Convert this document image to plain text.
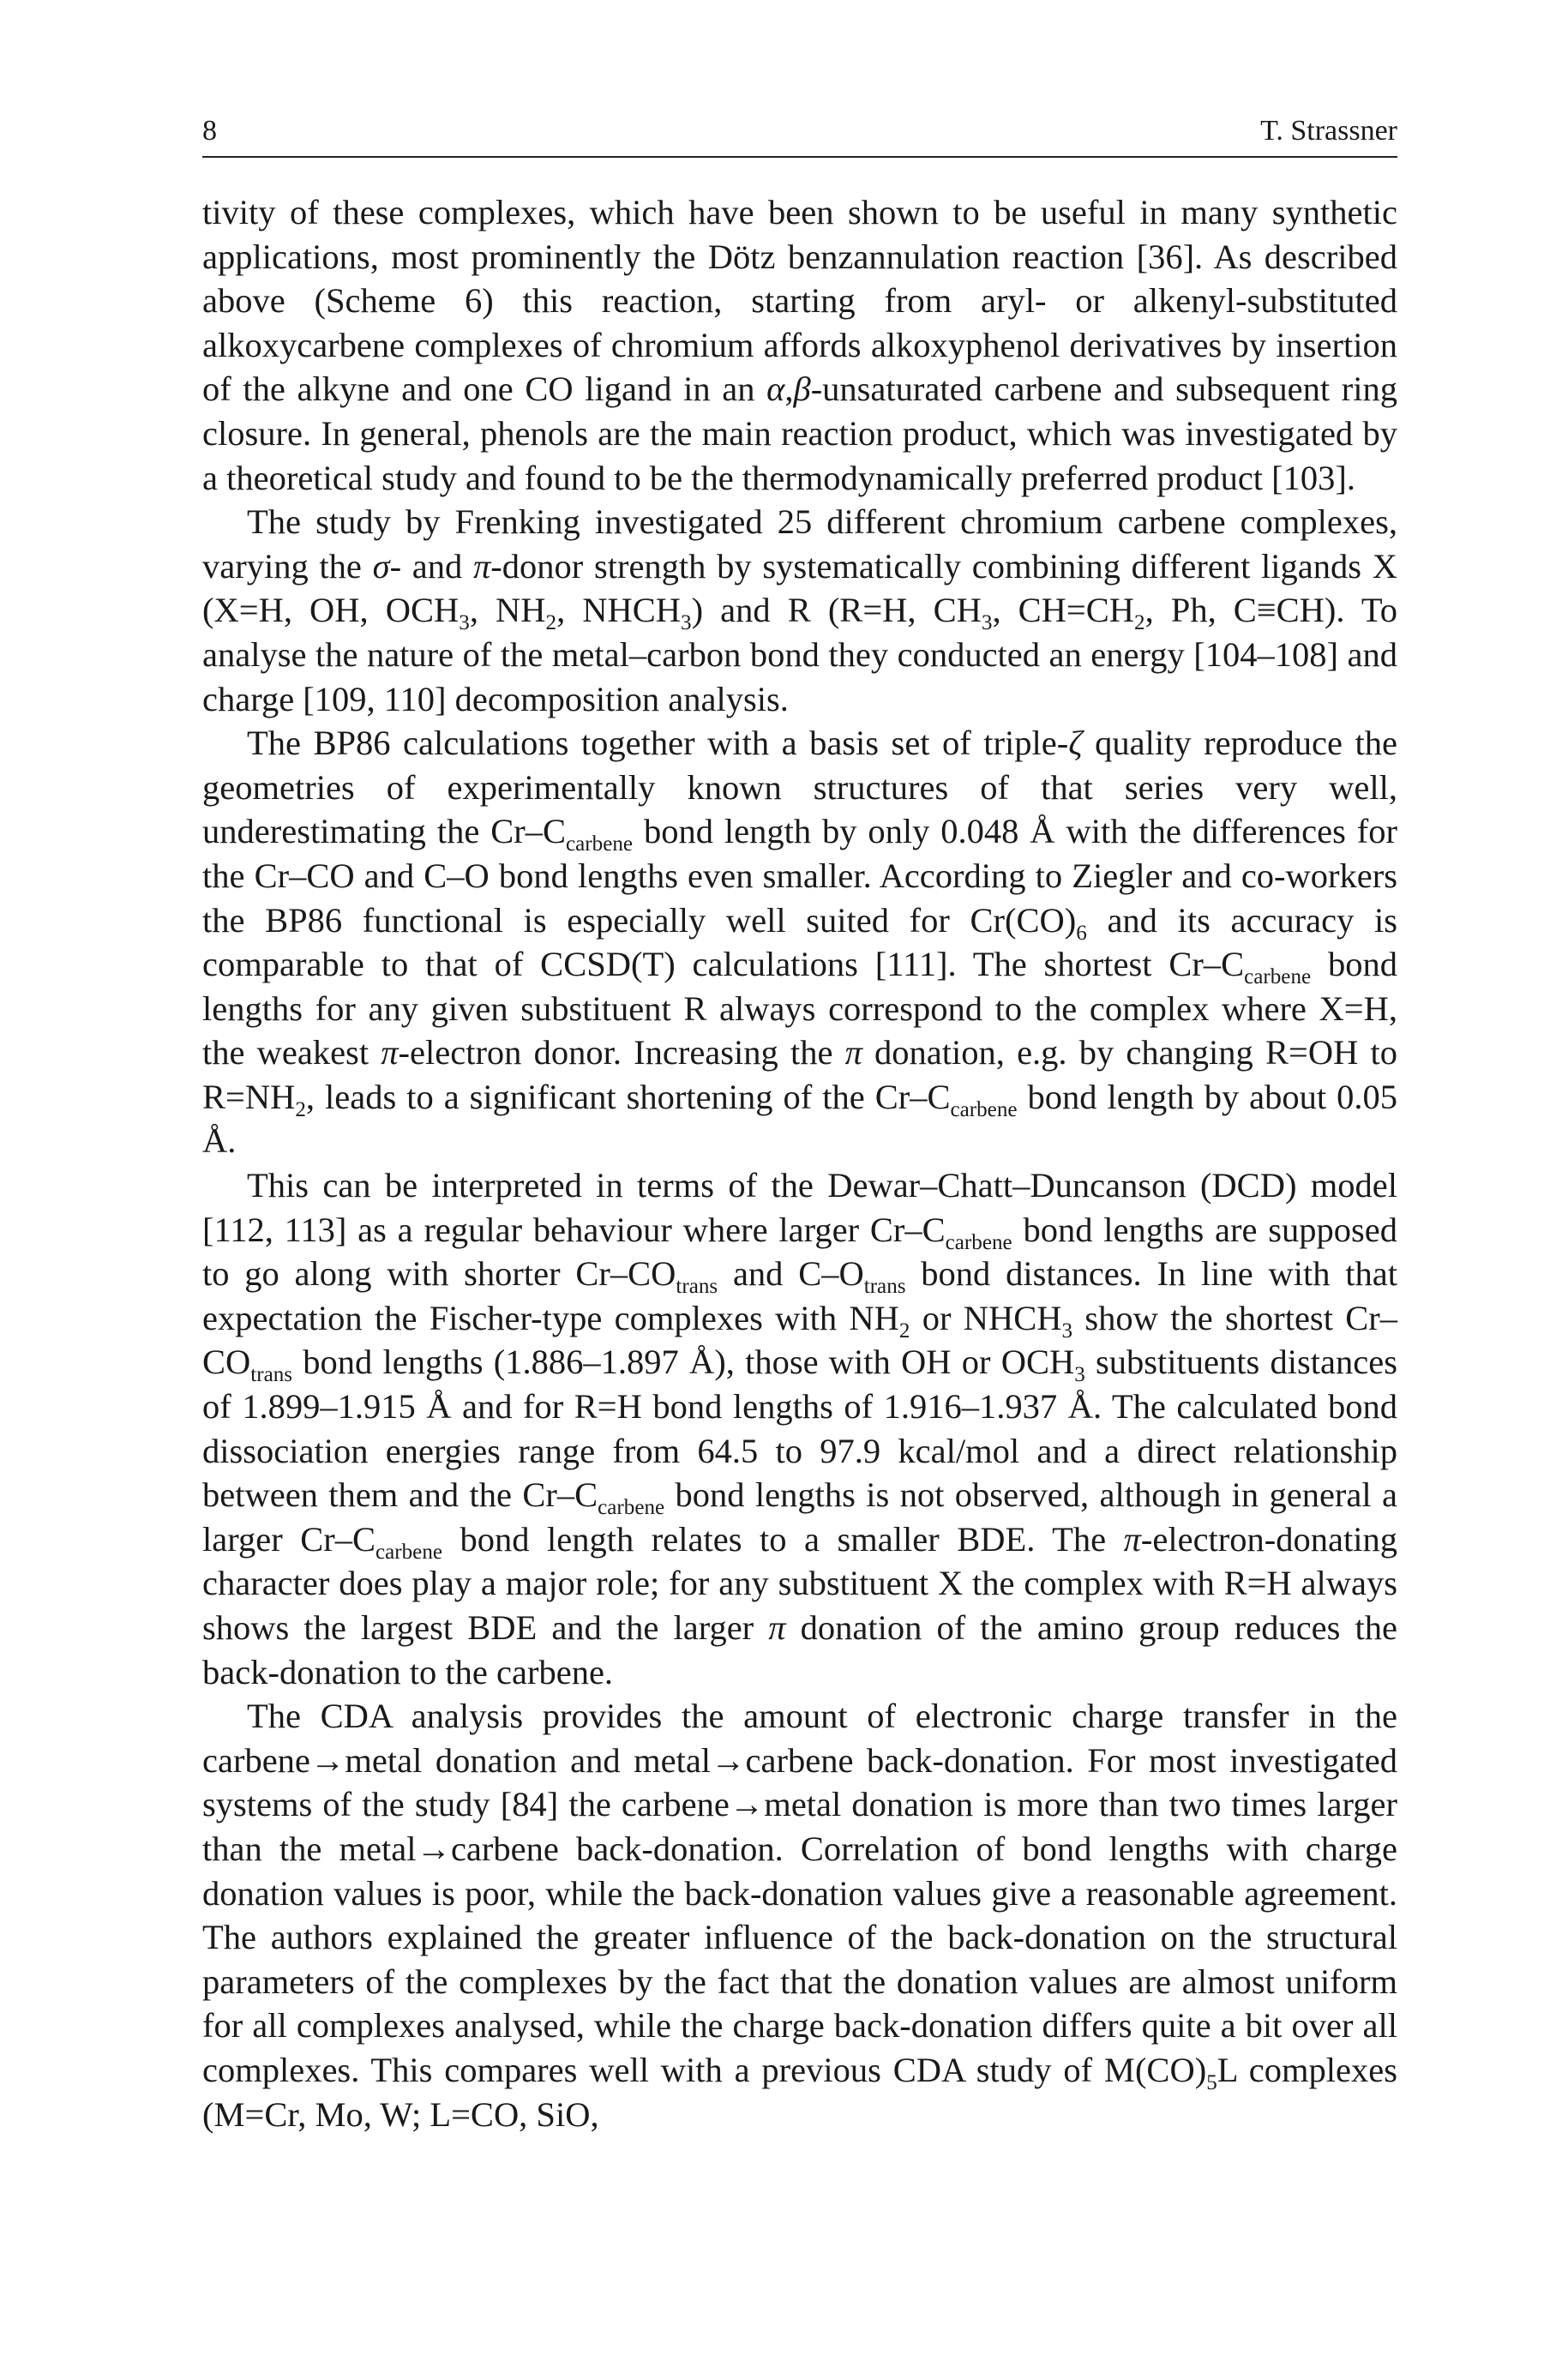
8	T. Strassner

tivity of these complexes, which have been shown to be useful in many synthetic applications, most prominently the Dötz benzannulation reaction [36]. As described above (Scheme 6) this reaction, starting from aryl- or alkenyl-substituted alkoxycarbene complexes of chromium affords alkoxyphenol derivatives by insertion of the alkyne and one CO ligand in an α,β-unsaturated carbene and subsequent ring closure. In general, phenols are the main reaction product, which was investigated by a theoretical study and found to be the thermodynamically preferred product [103].

The study by Frenking investigated 25 different chromium carbene complexes, varying the σ- and π-donor strength by systematically combining different ligands X (X=H, OH, $OCH_3$, $NH_2$, $NHCH_3$) and R (R=H, $CH_3$, $CH=CH_2$, Ph, C≡CH). To analyse the nature of the metal–carbon bond they conducted an energy [104–108] and charge [109, 110] decomposition analysis.

The BP86 calculations together with a basis set of triple-ζ quality reproduce the geometries of experimentally known structures of that series very well, underestimating the $Cr-C_{carbene}$ bond length by only 0.048 Å with the differences for the Cr–CO and C–O bond lengths even smaller. According to Ziegler and co-workers the BP86 functional is especially well suited for $Cr(CO)_6$ and its accuracy is comparable to that of CCSD(T) calculations [111]. The shortest $Cr-C_{carbene}$ bond lengths for any given substituent R always correspond to the complex where X=H, the weakest π-electron donor. Increasing the π donation, e.g. by changing R=OH to $R=NH_2$, leads to a significant shortening of the $Cr-C_{carbene}$ bond length by about 0.05 Å.

This can be interpreted in terms of the Dewar–Chatt–Duncanson (DCD) model [112, 113] as a regular behaviour where larger $Cr-C_{carbene}$ bond lengths are supposed to go along with shorter $Cr-CO_{trans}$ and $C-O_{trans}$ bond distances. In line with that expectation the Fischer-type complexes with $NH_2$ or $NHCH_3$ show the shortest $Cr-CO_{trans}$ bond lengths (1.886–1.897 Å), those with OH or $OCH_3$ substituents distances of 1.899–1.915 Å and for R=H bond lengths of 1.916–1.937 Å. The calculated bond dissociation energies range from 64.5 to 97.9 kcal/mol and a direct relationship between them and the $Cr-C_{carbene}$ bond lengths is not observed, although in general a larger $Cr-C_{carbene}$ bond length relates to a smaller BDE. The π-electron-donating character does play a major role; for any substituent X the complex with R=H always shows the largest BDE and the larger π donation of the amino group reduces the back-donation to the carbene.

The CDA analysis provides the amount of electronic charge transfer in the carbene→metal donation and metal→carbene back-donation. For most investigated systems of the study [84] the carbene→metal donation is more than two times larger than the metal→carbene back-donation. Correlation of bond lengths with charge donation values is poor, while the back-donation values give a reasonable agreement. The authors explained the greater influence of the back-donation on the structural parameters of the complexes by the fact that the donation values are almost uniform for all complexes analysed, while the charge back-donation differs quite a bit over all complexes. This compares well with a previous CDA study of $M(CO)_5L$ complexes (M=Cr, Mo, W; L=CO, SiO,
